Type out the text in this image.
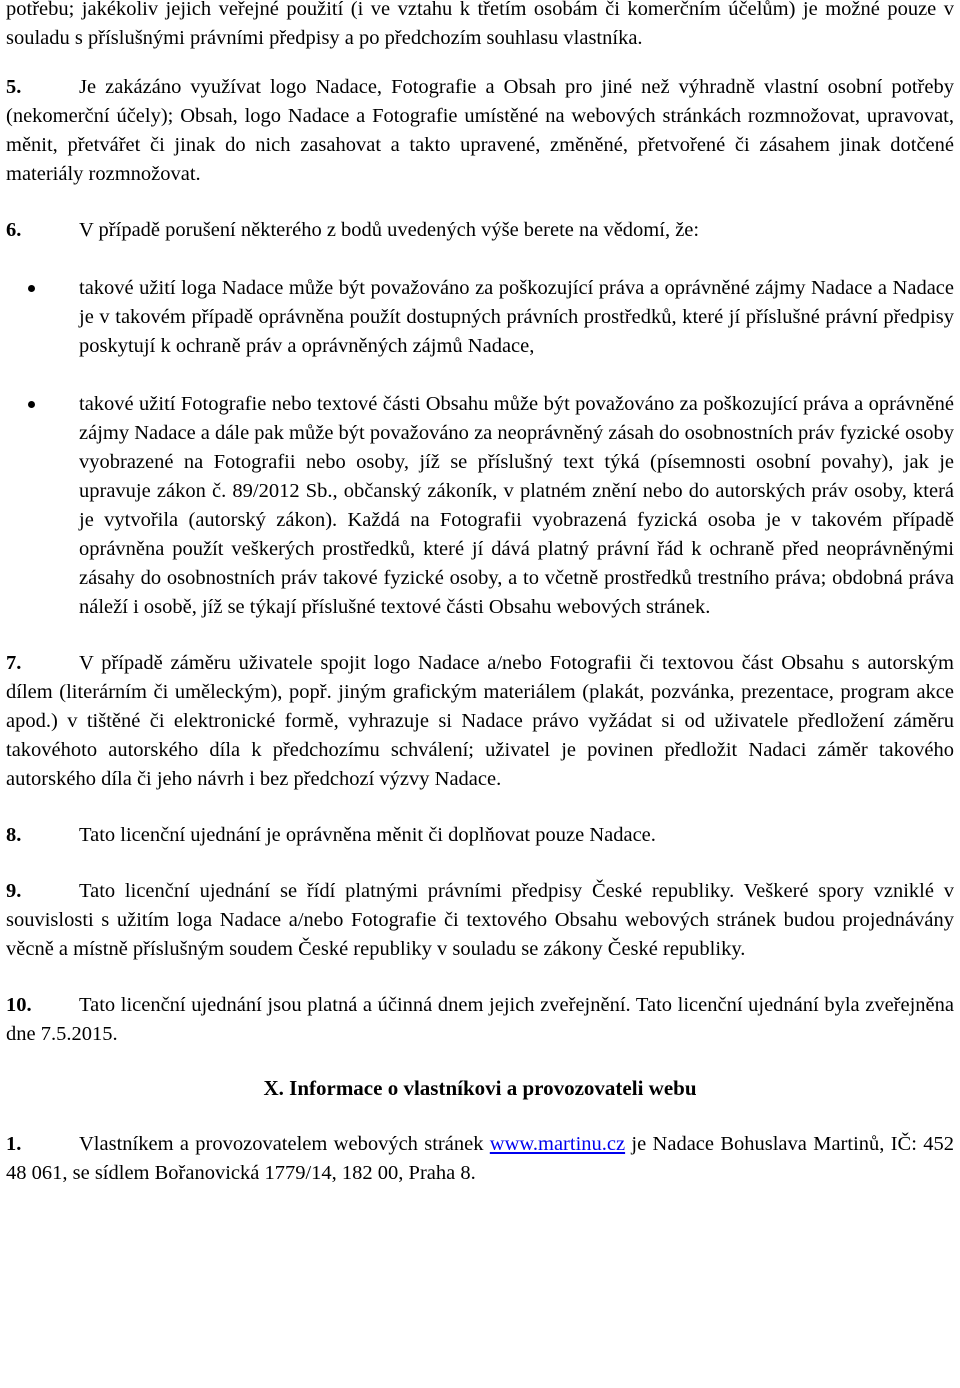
potřebu; jakékoliv jejich veřejné použití (i ve vztahu k třetím osobám či komerčním účelům) je možné pouze v souladu s příslušnými právními předpisy a po předchozím souhlasu vlastníka.

5.	Je zakázáno využívat logo Nadace, Fotografie a Obsah pro jiné než výhradně vlastní osobní potřeby (nekomerční účely); Obsah, logo Nadace a Fotografie umístěné na webových stránkách rozmnožovat, upravovat, měnit, přetvářet či jinak do nich zasahovat a takto upravené, změněné, přetvořené či zásahem jinak dotčené materiály rozmnožovat.

6.	V případě porušení některého z bodů uvedených výše berete na vědomí, že:

takové užití loga Nadace může být považováno za poškozující práva a oprávněné zájmy Nadace a Nadace je v takovém případě oprávněna použít dostupných právních prostředků, které jí příslušné právní předpisy poskytují k ochraně práv a oprávněných zájmů Nadace,

takové užití Fotografie nebo textové části Obsahu může být považováno za poškozující práva a oprávněné zájmy Nadace a dále pak může být považováno za neoprávněný zásah do osobnostních práv fyzické osoby vyobrazené na Fotografii nebo osoby, jíž se příslušný text týká (písemnosti osobní povahy), jak je upravuje zákon č. 89/2012 Sb., občanský zákoník, v platném znění nebo do autorských práv osoby, která je vytvořila (autorský zákon). Každá na Fotografii vyobrazená fyzická osoba je v takovém případě oprávněna použít veškerých prostředků, které jí dává platný právní řád k ochraně před neoprávněnými zásahy do osobnostních práv takové fyzické osoby, a to včetně prostředků trestního práva; obdobná práva náleží i osobě, jíž se týkají příslušné textové části Obsahu webových stránek.

7.	V případě záměru uživatele spojit logo Nadace a/nebo Fotografii či textovou část Obsahu s autorským dílem (literárním či uměleckým), popř. jiným grafickým materiálem (plakát, pozvánka, prezentace, program akce apod.) v tištěné či elektronické formě, vyhrazuje si Nadace právo vyžádat si od uživatele předložení záměru takovéhoto autorského díla k předchozímu schválení; uživatel je povinen předložit Nadaci záměr takového autorského díla či jeho návrh i bez předchozí výzvy Nadace.

8.	Tato licenční ujednání je oprávněna měnit či doplňovat pouze Nadace.

9.	Tato licenční ujednání se řídí platnými právními předpisy České republiky. Veškeré spory vzniklé v souvislosti s užitím loga Nadace a/nebo Fotografie či textového Obsahu webových stránek budou projednávány věcně a místně příslušným soudem České republiky v souladu se zákony České republiky.

10. Tato licenční ujednání jsou platná a účinná dnem jejich zveřejnění. Tato licenční ujednání byla zveřejněna dne 7.5.2015.

X. Informace o vlastníkovi a provozovateli webu

1.	Vlastníkem a provozovatelem webových stránek www.martinu.cz je Nadace Bohuslava Martinů, IČ: 452 48 061, se sídlem Bořanovická 1779/14, 182 00, Praha 8.
